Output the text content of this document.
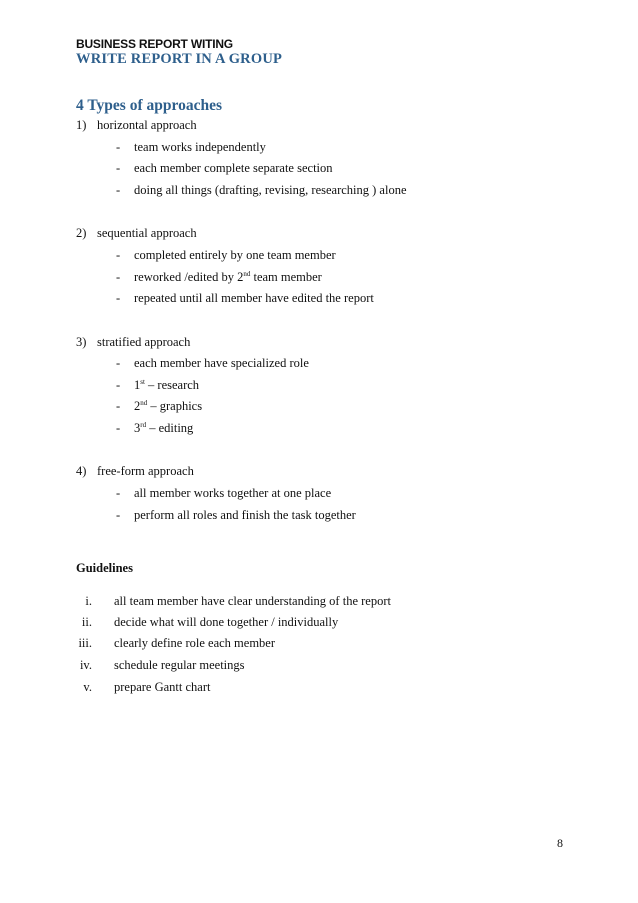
BUSINESS REPORT WITING
WRITE REPORT IN A GROUP
4 Types of approaches
1) horizontal approach
- team works independently
- each member complete separate section
- doing all things (drafting, revising, researching ) alone
2) sequential approach
- completed entirely by one team member
- reworked /edited by 2nd team member
- repeated until all member have edited the report
3) stratified approach
- each member have specialized role
- 1st – research
- 2nd – graphics
- 3rd – editing
4) free-form approach
- all member works together at one place
- perform all roles and finish the task together
Guidelines
i. all team member have clear understanding of the report
ii. decide what will done together / individually
iii. clearly define role each member
iv. schedule regular meetings
v. prepare Gantt chart
8
